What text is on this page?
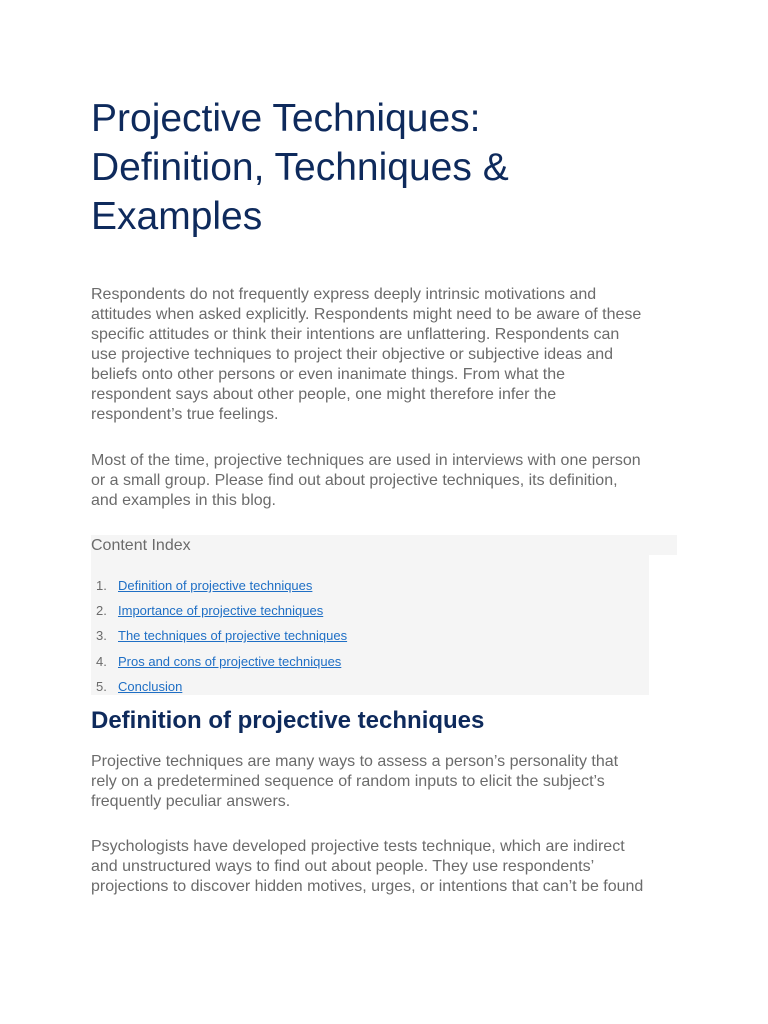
Projective Techniques:
Definition, Techniques &
Examples

Respondents do not frequently express deeply intrinsic motivations and
attitudes when asked explicitly. Respondents might need to be aware of these
specific attitudes or think their intentions are unflattering. Respondents can
use projective techniques to project their objective or subjective ideas and
beliefs onto other persons or even inanimate things. From what the
respondent says about other people, one might therefore infer the
respondent’s true feelings.

Most of the time, projective techniques are used in interviews with one person
or a small group. Please find out about projective techniques, its definition,
and examples in this blog.

Content Index
1. Definition of projective techniques
2. Importance of projective techniques
3. The techniques of projective techniques
4. Pros and cons of projective techniques
5. Conclusion
Definition of projective techniques

Projective techniques are many ways to assess a person’s personality that
rely on a predetermined sequence of random inputs to elicit the subject’s
frequently peculiar answers.

Psychologists have developed projective tests technique, which are indirect
and unstructured ways to find out about people. They use respondents’
projections to discover hidden motives, urges, or intentions that can’t be found
